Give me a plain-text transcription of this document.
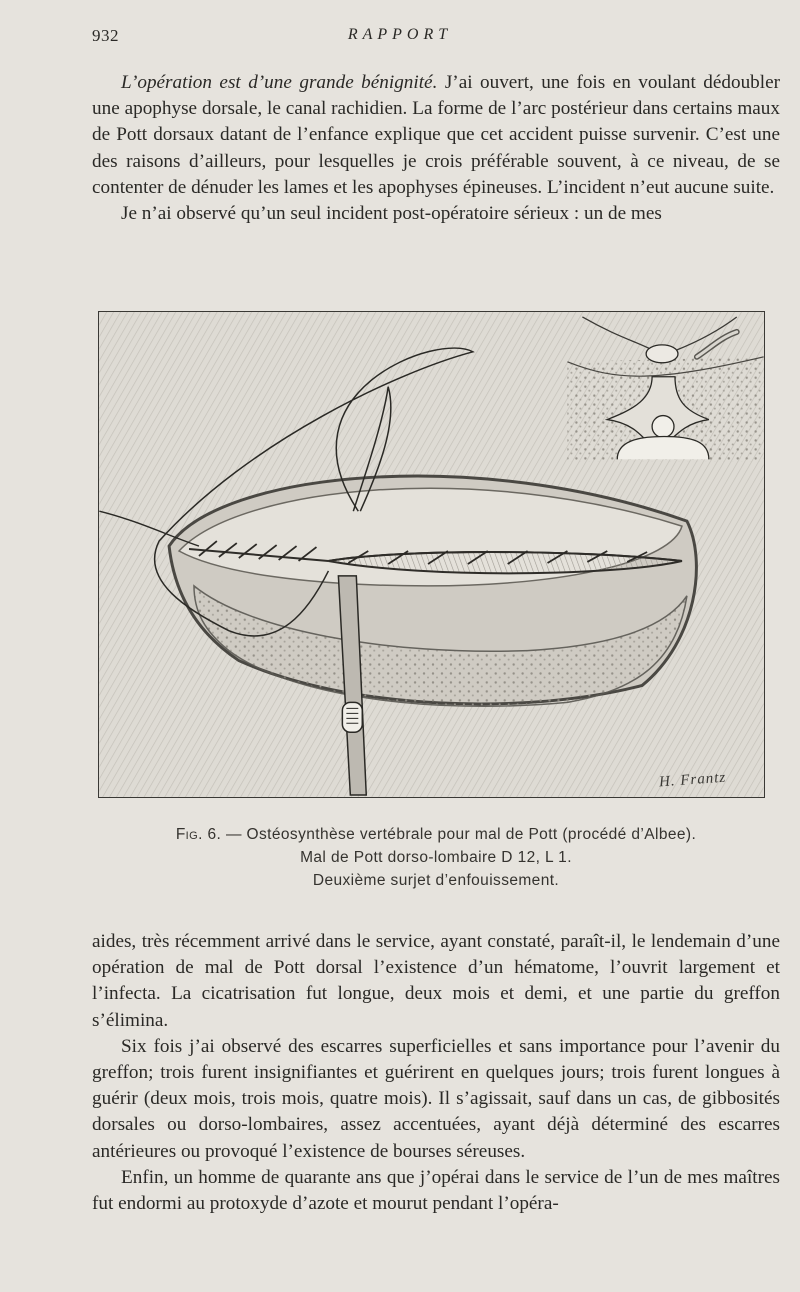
932	RAPPORT

L’opération est d’une grande bénignité. J’ai ouvert, une fois en voulant dédoubler une apophyse dorsale, le canal rachidien. La forme de l’arc postérieur dans certains maux de Pott dorsaux datant de l’enfance explique que cet accident puisse survenir. C’est une des raisons d’ailleurs, pour lesquelles je crois préférable souvent, à ce niveau, de se contenter de dénuder les lames et les apophyses épineuses. L’incident n’eut aucune suite.

Je n’ai observé qu’un seul incident post-opératoire sérieux : un de mes

H. Frantz
Fig. 6. — Ostéosynthèse vertébrale pour mal de Pott (procédé d’Albee).
Mal de Pott dorso-lombaire D 12, L 1.
Deuxième surjet d’enfouissement.

aides, très récemment arrivé dans le service, ayant constaté, paraît-il, le lendemain d’une opération de mal de Pott dorsal l’existence d’un hématome, l’ouvrit largement et l’infecta. La cicatrisation fut longue, deux mois et demi, et une partie du greffon s’élimina.

Six fois j’ai observé des escarres superficielles et sans importance pour l’avenir du greffon; trois furent insignifiantes et guérirent en quelques jours; trois furent longues à guérir (deux mois, trois mois, quatre mois). Il s’agissait, sauf dans un cas, de gibbosités dorsales ou dorso-lombaires, assez accentuées, ayant déjà déterminé des escarres antérieures ou provoqué l’existence de bourses séreuses.

Enfin, un homme de quarante ans que j’opérai dans le service de l’un de mes maîtres fut endormi au protoxyde d’azote et mourut pendant l’opéra-
